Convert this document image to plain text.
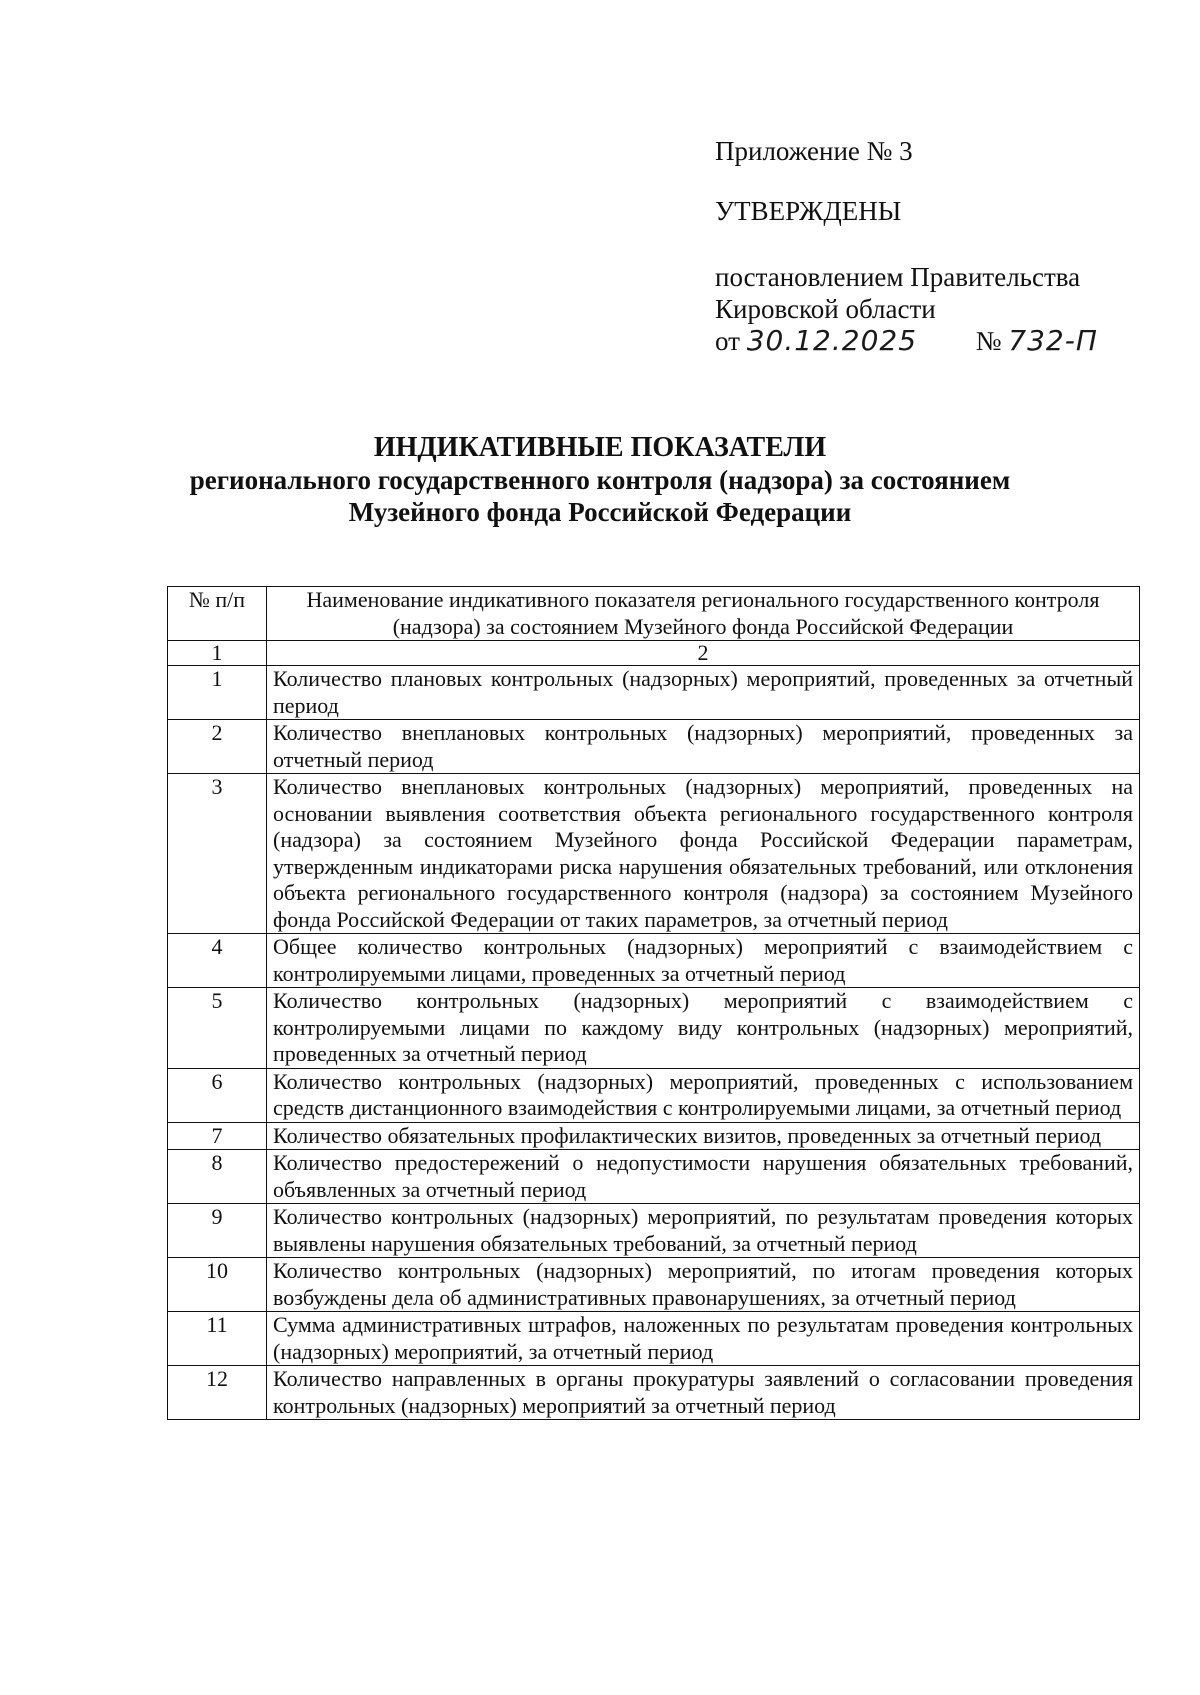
Приложение № 3
УТВЕРЖДЕНЫ
постановлением Правительства
Кировской области
от 30.12.2025 № 732-П
ИНДИКАТИВНЫЕ ПОКАЗАТЕЛИ
регионального государственного контроля (надзора) за состоянием
Музейного фонда Российской Федерации
№ п/п	Наименование индикативного показателя регионального государственного контроля (надзора) за состоянием Музейного фонда Российской Федерации
1	2
1	Количество плановых контрольных (надзорных) мероприятий, проведенных за отчетный период
2	Количество внеплановых контрольных (надзорных) мероприятий, проведенных за отчетный период
3	Количество внеплановых контрольных (надзорных) мероприятий, проведенных на основании выявления соответствия объекта регионального государственного контроля (надзора) за состоянием Музейного фонда Российской Федерации параметрам, утвержденным индикаторами риска нарушения обязательных требований, или отклонения объекта регионального государственного контроля (надзора) за состоянием Музейного фонда Российской Федерации от таких параметров, за отчетный период
4	Общее количество контрольных (надзорных) мероприятий с взаимодействием с контролируемыми лицами, проведенных за отчетный период
5	Количество контрольных (надзорных) мероприятий с взаимодействием с контролируемыми лицами по каждому виду контрольных (надзорных) мероприятий, проведенных за отчетный период
6	Количество контрольных (надзорных) мероприятий, проведенных с использованием средств дистанционного взаимодействия с контролируемыми лицами, за отчетный период
7	Количество обязательных профилактических визитов, проведенных за отчетный период
8	Количество предостережений о недопустимости нарушения обязательных требований, объявленных за отчетный период
9	Количество контрольных (надзорных) мероприятий, по результатам проведения которых выявлены нарушения обязательных требований, за отчетный период
10	Количество контрольных (надзорных) мероприятий, по итогам проведения которых возбуждены дела об административных правонарушениях, за отчетный период
11	Сумма административных штрафов, наложенных по результатам проведения контрольных (надзорных) мероприятий, за отчетный период
12	Количество направленных в органы прокуратуры заявлений о согласовании проведения контрольных (надзорных) мероприятий за отчетный период
